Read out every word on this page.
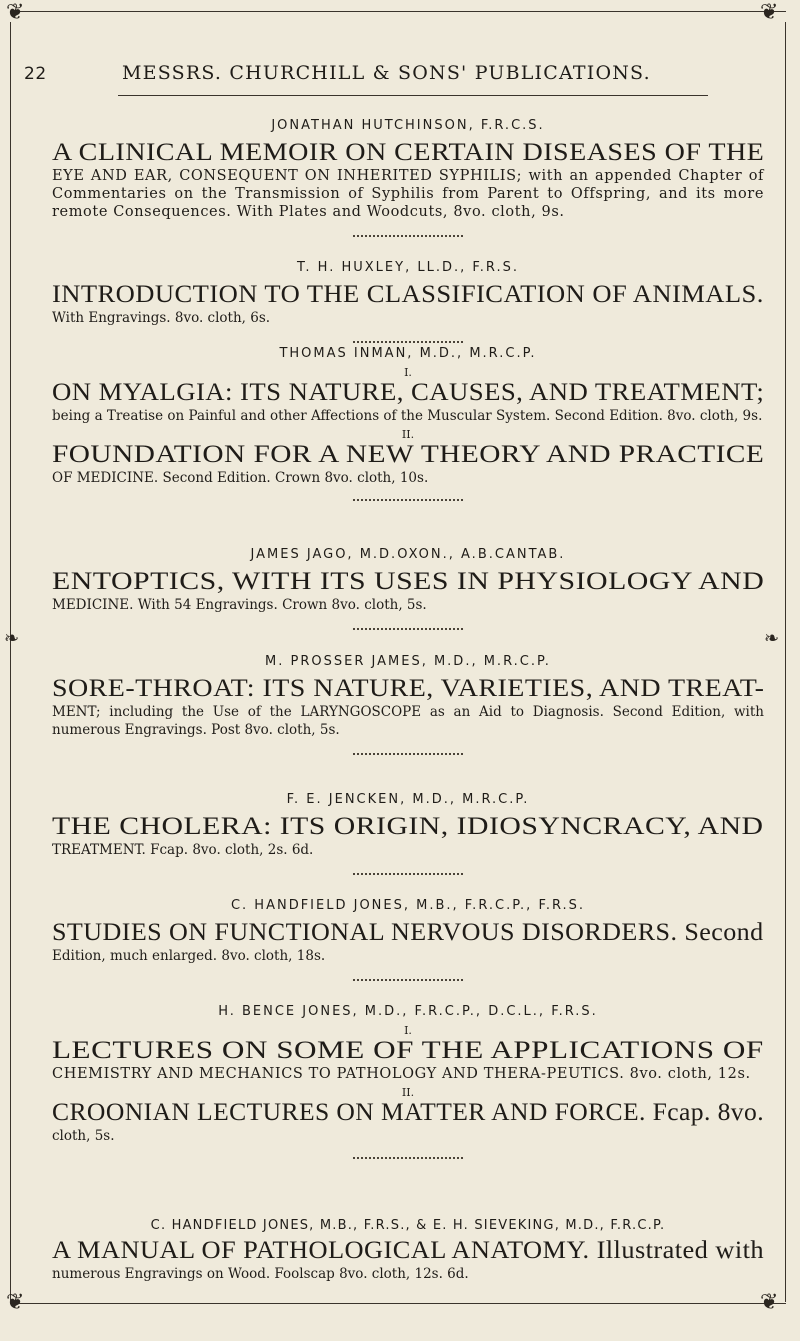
❦	❦
❦	❦
❧	❧
22	MESSRS. CHURCHILL & SONS' PUBLICATIONS.
JONATHAN HUTCHINSON, F.R.C.S.
A CLINICAL MEMOIR ON CERTAIN DISEASES OF THE
EYE AND EAR, CONSEQUENT ON INHERITED SYPHILIS; with an appended Chapter of Commentaries on the Transmission of Syphilis from Parent to Offspring, and its more remote Consequences. With Plates and Woodcuts, 8vo. cloth, 9s.
T. H. HUXLEY, LL.D., F.R.S.
INTRODUCTION TO THE CLASSIFICATION OF ANIMALS.
With Engravings. 8vo. cloth, 6s.
THOMAS INMAN, M.D., M.R.C.P.
I.
ON MYALGIA: ITS NATURE, CAUSES, AND TREATMENT;
being a Treatise on Painful and other Affections of the Muscular System. Second Edition. 8vo. cloth, 9s.
II.
FOUNDATION FOR A NEW THEORY AND PRACTICE
OF MEDICINE. Second Edition. Crown 8vo. cloth, 10s.
JAMES JAGO, M.D.OXON., A.B.CANTAB.
ENTOPTICS, WITH ITS USES IN PHYSIOLOGY AND
MEDICINE. With 54 Engravings. Crown 8vo. cloth, 5s.
M. PROSSER JAMES, M.D., M.R.C.P.
SORE-THROAT: ITS NATURE, VARIETIES, AND TREAT-
MENT; including the Use of the LARYNGOSCOPE as an Aid to Diagnosis. Second Edition, with numerous Engravings. Post 8vo. cloth, 5s.
F. E. JENCKEN, M.D., M.R.C.P.
THE CHOLERA: ITS ORIGIN, IDIOSYNCRACY, AND
TREATMENT. Fcap. 8vo. cloth, 2s. 6d.
C. HANDFIELD JONES, M.B., F.R.C.P., F.R.S.
STUDIES ON FUNCTIONAL NERVOUS DISORDERS. Second
Edition, much enlarged. 8vo. cloth, 18s.
H. BENCE JONES, M.D., F.R.C.P., D.C.L., F.R.S.
I.
LECTURES ON SOME OF THE APPLICATIONS OF
CHEMISTRY AND MECHANICS TO PATHOLOGY AND THERA-PEUTICS. 8vo. cloth, 12s.
II.
CROONIAN LECTURES ON MATTER AND FORCE. Fcap. 8vo.
cloth, 5s.
C. HANDFIELD JONES, M.B., F.R.S., & E. H. SIEVEKING, M.D., F.R.C.P.
A MANUAL OF PATHOLOGICAL ANATOMY. Illustrated with
numerous Engravings on Wood. Foolscap 8vo. cloth, 12s. 6d.
